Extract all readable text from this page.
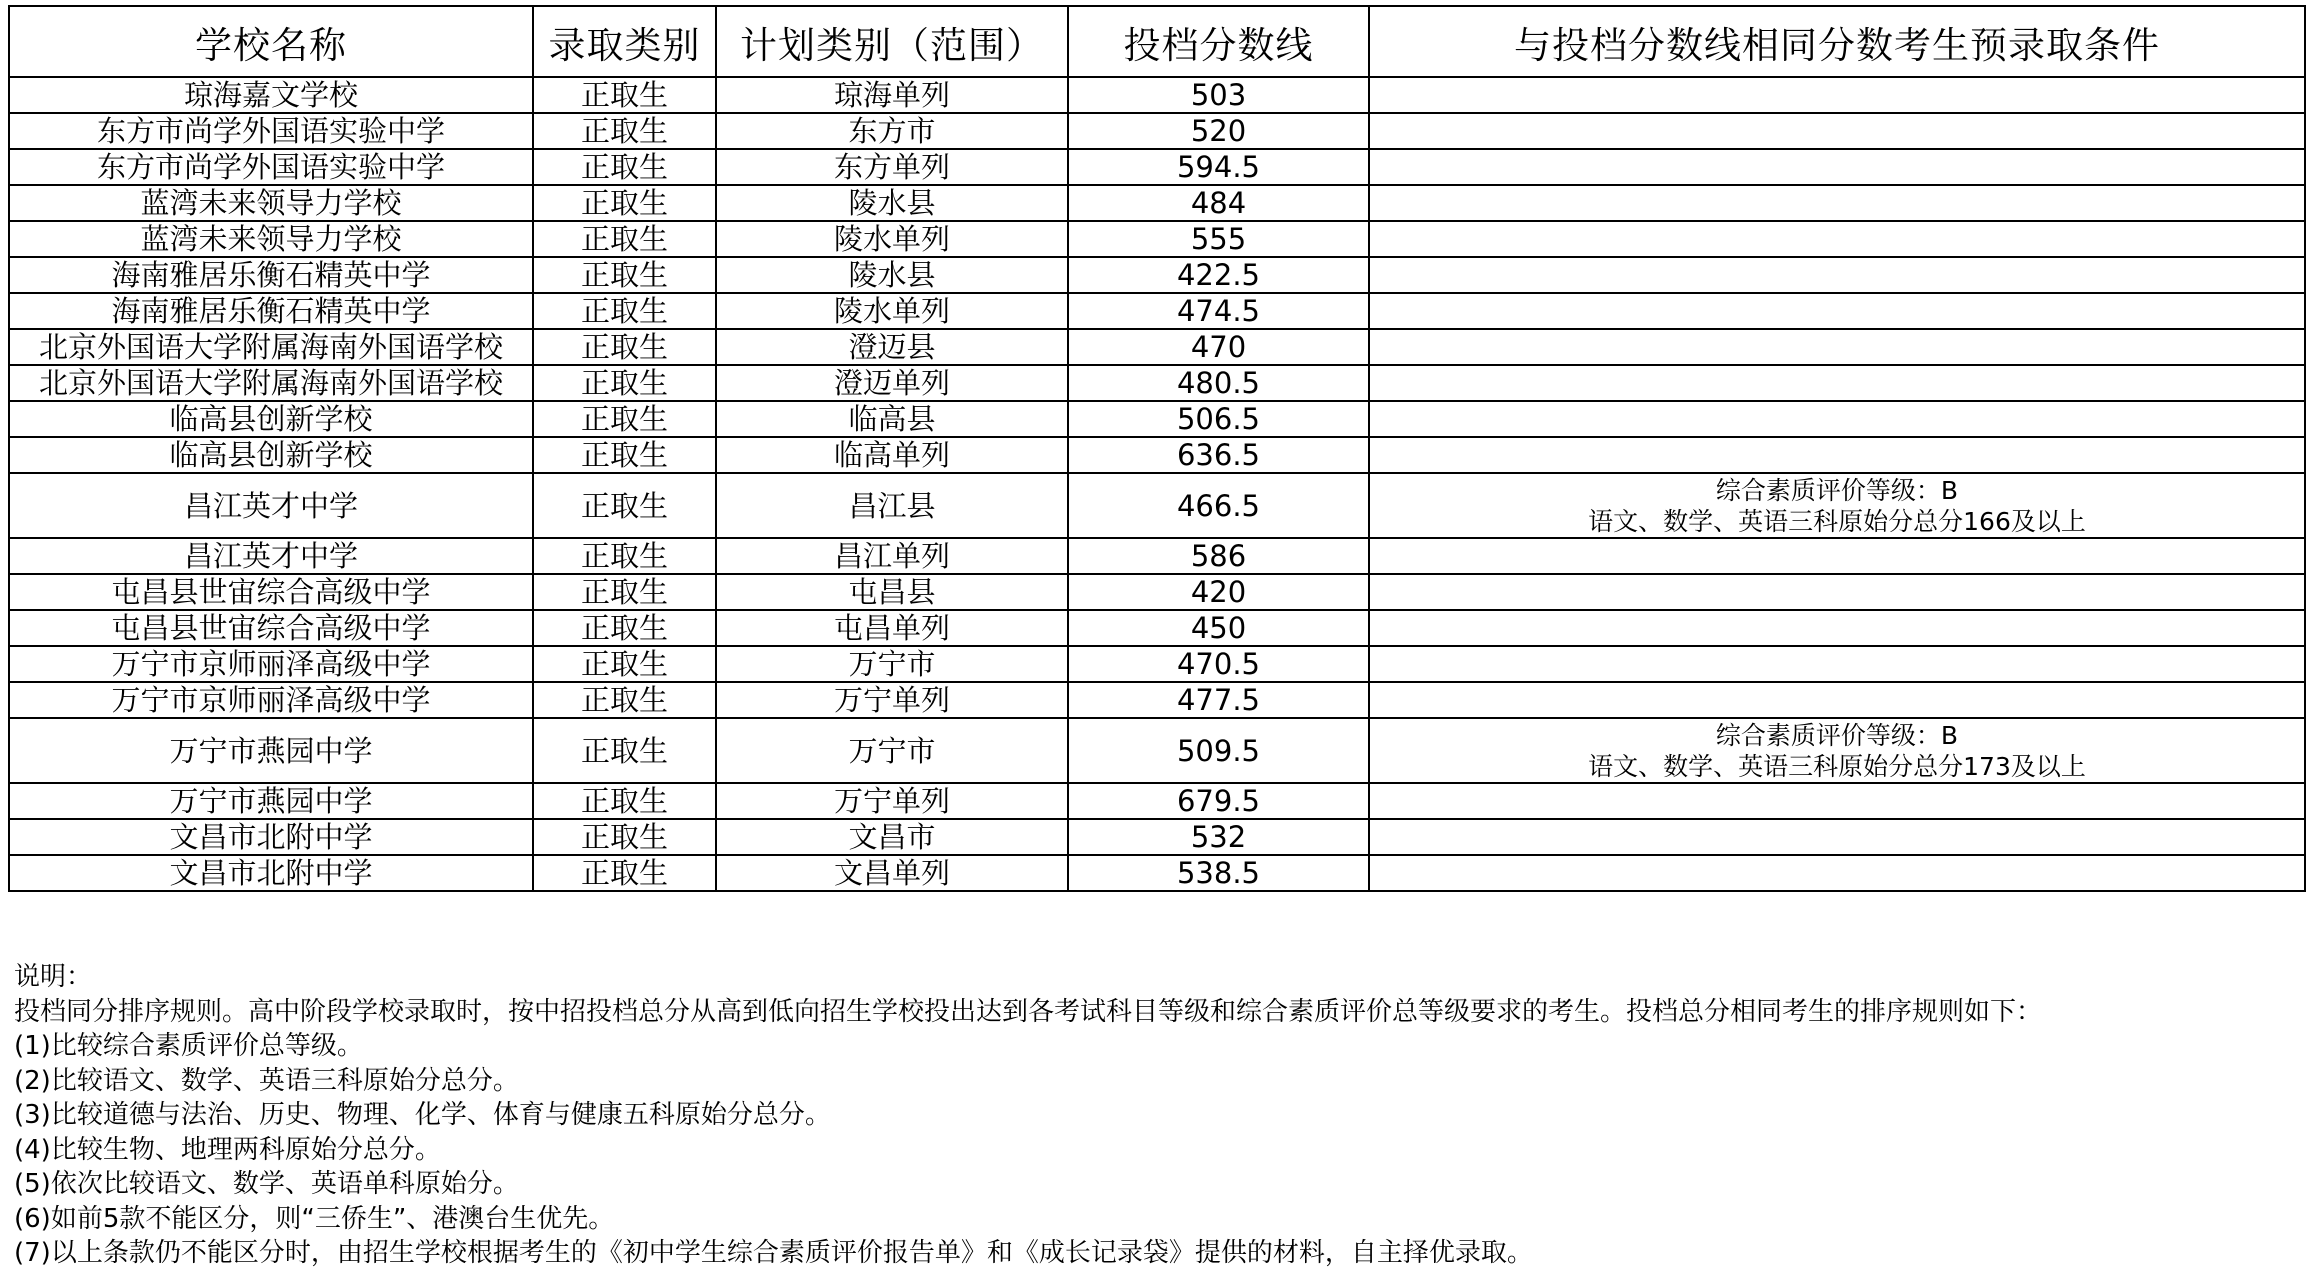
学校名称	录取类别	计划类别（范围）	投档分数线	与投档分数线相同分数考生预录取条件
琼海嘉文学校	正取生	琼海单列	503	
东方市尚学外国语实验中学	正取生	东方市	520	
东方市尚学外国语实验中学	正取生	东方单列	594.5	
蓝湾未来领导力学校	正取生	陵水县	484	
蓝湾未来领导力学校	正取生	陵水单列	555	
海南雅居乐衡石精英中学	正取生	陵水县	422.5	
海南雅居乐衡石精英中学	正取生	陵水单列	474.5	
北京外国语大学附属海南外国语学校	正取生	澄迈县	470	
北京外国语大学附属海南外国语学校	正取生	澄迈单列	480.5	
临高县创新学校	正取生	临高县	506.5	
临高县创新学校	正取生	临高单列	636.5	
昌江英才中学	正取生	昌江县	466.5	综合素质评价等级：B
语文、数学、英语三科原始分总分166及以上

昌江英才中学	正取生	昌江单列	586	
屯昌县世宙综合高级中学	正取生	屯昌县	420	
屯昌县世宙综合高级中学	正取生	屯昌单列	450	
万宁市京师丽泽高级中学	正取生	万宁市	470.5	
万宁市京师丽泽高级中学	正取生	万宁单列	477.5	
万宁市燕园中学	正取生	万宁市	509.5	综合素质评价等级：B
语文、数学、英语三科原始分总分173及以上

万宁市燕园中学	正取生	万宁单列	679.5	
文昌市北附中学	正取生	文昌市	532	
文昌市北附中学	正取生	文昌单列	538.5	
说明：
投档同分排序规则。高中阶段学校录取时，按中招投档总分从高到低向招生学校投出达到各考试科目等级和综合素质评价总等级要求的考生。投档总分相同考生的排序规则如下：
(1)比较综合素质评价总等级。
(2)比较语文、数学、英语三科原始分总分。
(3)比较道德与法治、历史、物理、化学、体育与健康五科原始分总分。
(4)比较生物、地理两科原始分总分。
(5)依次比较语文、数学、英语单科原始分。
(6)如前5款不能区分，则“三侨生”、港澳台生优先。
(7)以上条款仍不能区分时，由招生学校根据考生的《初中学生综合素质评价报告单》和《成长记录袋》提供的材料，自主择优录取。
